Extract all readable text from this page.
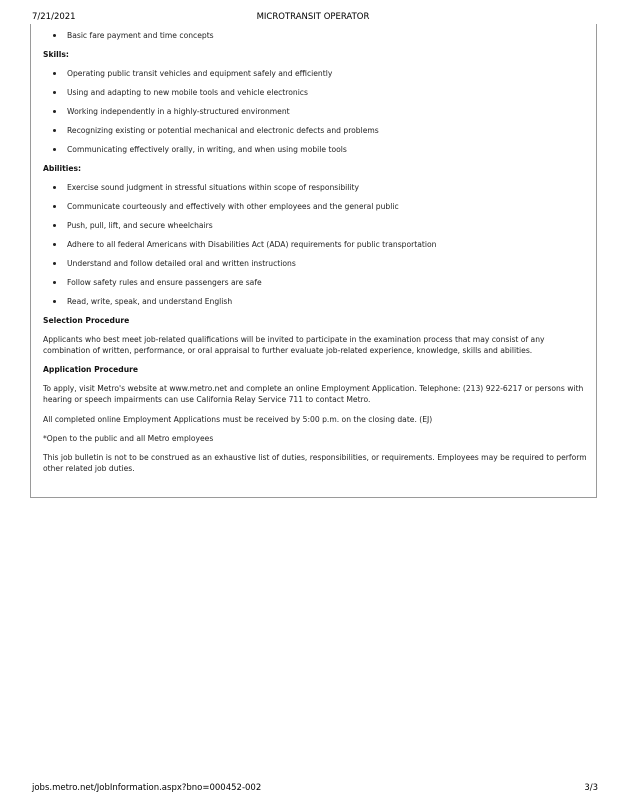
7/21/2021	MICROTRANSIT OPERATOR
Basic fare payment and time concepts
Skills:
Operating public transit vehicles and equipment safely and efficiently
Using and adapting to new mobile tools and vehicle electronics
Working independently in a highly-structured environment
Recognizing existing or potential mechanical and electronic defects and problems
Communicating effectively orally, in writing, and when using mobile tools
Abilities:
Exercise sound judgment in stressful situations within scope of responsibility
Communicate courteously and effectively with other employees and the general public
Push, pull, lift, and secure wheelchairs
Adhere to all federal Americans with Disabilities Act (ADA) requirements for public transportation
Understand and follow detailed oral and written instructions
Follow safety rules and ensure passengers are safe
Read, write, speak, and understand English
Selection Procedure

Applicants who best meet job-related qualifications will be invited to participate in the examination process that may consist of any combination of written, performance, or oral appraisal to further evaluate job-related experience, knowledge, skills and abilities.

Application Procedure

To apply, visit Metro's website at www.metro.net and complete an online Employment Application. Telephone: (213) 922-6217 or persons with hearing or speech impairments can use California Relay Service 711 to contact Metro.

All completed online Employment Applications must be received by 5:00 p.m. on the closing date. (EJ)

*Open to the public and all Metro employees

This job bulletin is not to be construed as an exhaustive list of duties, responsibilities, or requirements. Employees may be required to perform other related job duties.

jobs.metro.net/JobInformation.aspx?bno=000452-002	3/3
